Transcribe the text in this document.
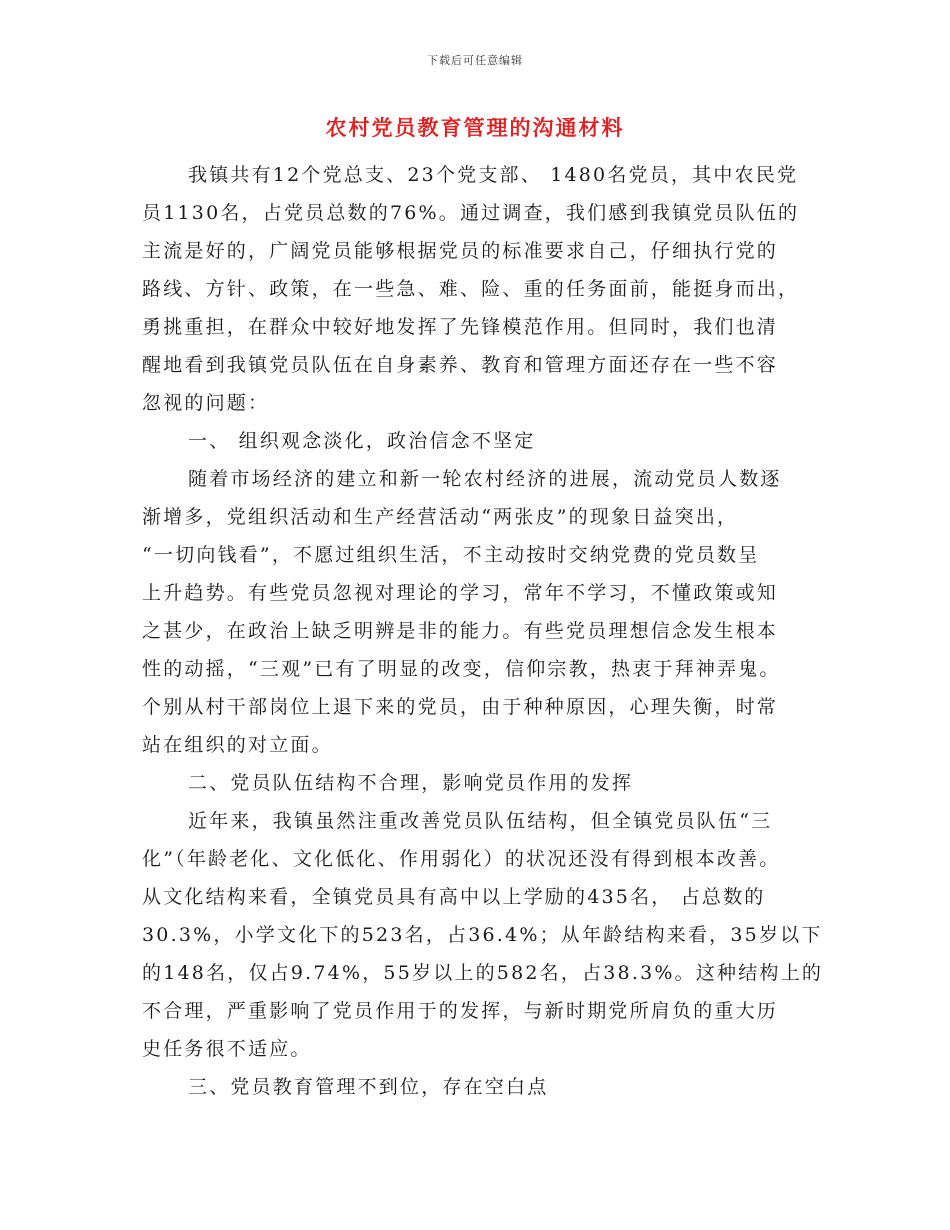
下载后可任意编辑
农村党员教育管理的沟通材料
我镇共有12个党总支、23个党支部、 1480名党员，其中农民党
员1130名，占党员总数的76%。通过调查，我们感到我镇党员队伍的
主流是好的，广阔党员能够根据党员的标准要求自己，仔细执行党的
路线、方针、政策，在一些急、难、险、重的任务面前，能挺身而出，
勇挑重担，在群众中较好地发挥了先锋模范作用。但同时，我们也清
醒地看到我镇党员队伍在自身素养、教育和管理方面还存在一些不容
忽视的问题：
一、 组织观念淡化，政治信念不坚定
随着市场经济的建立和新一轮农村经济的进展，流动党员人数逐
渐增多，党组织活动和生产经营活动“两张皮”的现象日益突出，
“一切向钱看”，不愿过组织生活，不主动按时交纳党费的党员数呈
上升趋势。有些党员忽视对理论的学习，常年不学习，不懂政策或知
之甚少，在政治上缺乏明辨是非的能力。有些党员理想信念发生根本
性的动摇，“三观”已有了明显的改变，信仰宗教，热衷于拜神弄鬼。
个别从村干部岗位上退下来的党员，由于种种原因，心理失衡，时常
站在组织的对立面。
二、党员队伍结构不合理，影响党员作用的发挥
近年来，我镇虽然注重改善党员队伍结构，但全镇党员队伍“三
化”（年龄老化、文化低化、作用弱化）的状况还没有得到根本改善。
从文化结构来看，全镇党员具有高中以上学励的435名， 占总数的
30.3%，小学文化下的523名，占36.4%；从年龄结构来看，35岁以下
的148名，仅占9.74%，55岁以上的582名，占38.3%。这种结构上的
不合理，严重影响了党员作用于的发挥，与新时期党所肩负的重大历
史任务很不适应。
三、党员教育管理不到位，存在空白点
